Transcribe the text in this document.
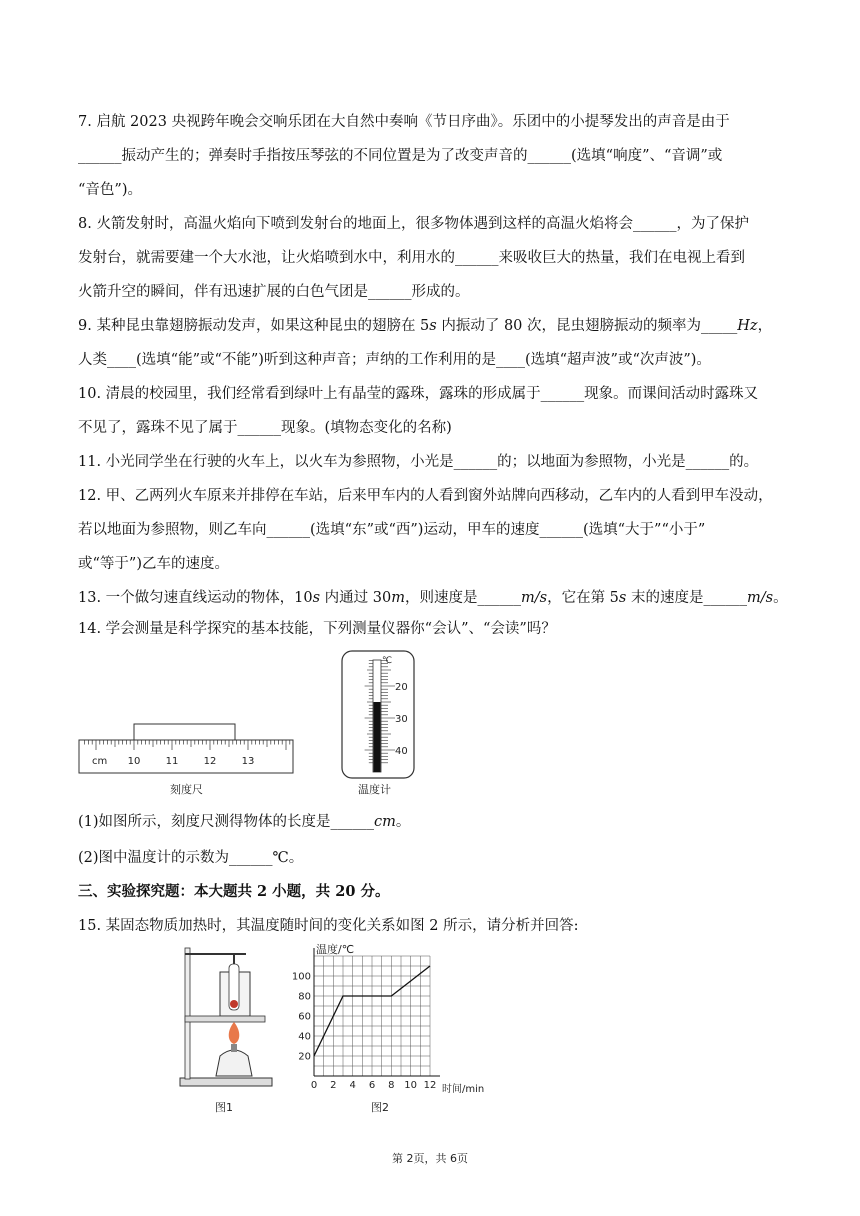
7. 启航 2023 央视跨年晚会交响乐团在大自然中奏响《节日序曲》。乐团中的小提琴发出的声音是由于
______振动产生的；弹奏时手指按压琴弦的不同位置是为了改变声音的______(选填“响度”、“音调”或
“音色”)。
8. 火箭发射时，高温火焰向下喷到发射台的地面上，很多物体遇到这样的高温火焰将会______，为了保护
发射台，就需要建一个大水池，让火焰喷到水中，利用水的______来吸收巨大的热量，我们在电视上看到
火箭升空的瞬间，伴有迅速扩展的白色气团是______形成的。
9. 某种昆虫靠翅膀振动发声，如果这种昆虫的翅膀在 5s 内振动了 80 次，昆虫翅膀振动的频率为_____Hz，
人类____(选填“能”或“不能”)听到这种声音；声纳的工作利用的是____(选填“超声波”或“次声波”)。
10. 清晨的校园里，我们经常看到绿叶上有晶莹的露珠，露珠的形成属于______现象。而课间活动时露珠又
不见了，露珠不见了属于______现象。(填物态变化的名称)
11. 小光同学坐在行驶的火车上，以火车为参照物，小光是______的；以地面为参照物，小光是______的。
12. 甲、乙两列火车原来并排停在车站，后来甲车内的人看到窗外站牌向西移动，乙车内的人看到甲车没动，
若以地面为参照物，则乙车向______(选填“东”或“西”)运动，甲车的速度______(选填“大于”“小于”
或“等于”)乙车的速度。
13. 一个做匀速直线运动的物体，10s 内通过 30m，则速度是______m/s，它在第 5s 末的速度是______m/s。
14. 学会测量是科学探究的基本技能，下列测量仪器你“会认”、“会读”吗？
cm 10	11	12	13
刻度尺
℃
20
30
40
温度计
(1)如图所示，刻度尺测得物体的长度是______cm。
(2)图中温度计的示数为______℃。
三、实验探究题：本大题共 2 小题，共 20 分。
15. 某固态物质加热时，其温度随时间的变化关系如图 2 所示，请分析并回答:
图1
0 2 4 6 8 10 12
20
40
60
80
100
温度/℃
时间/min
图2
第 2页，共 6页
